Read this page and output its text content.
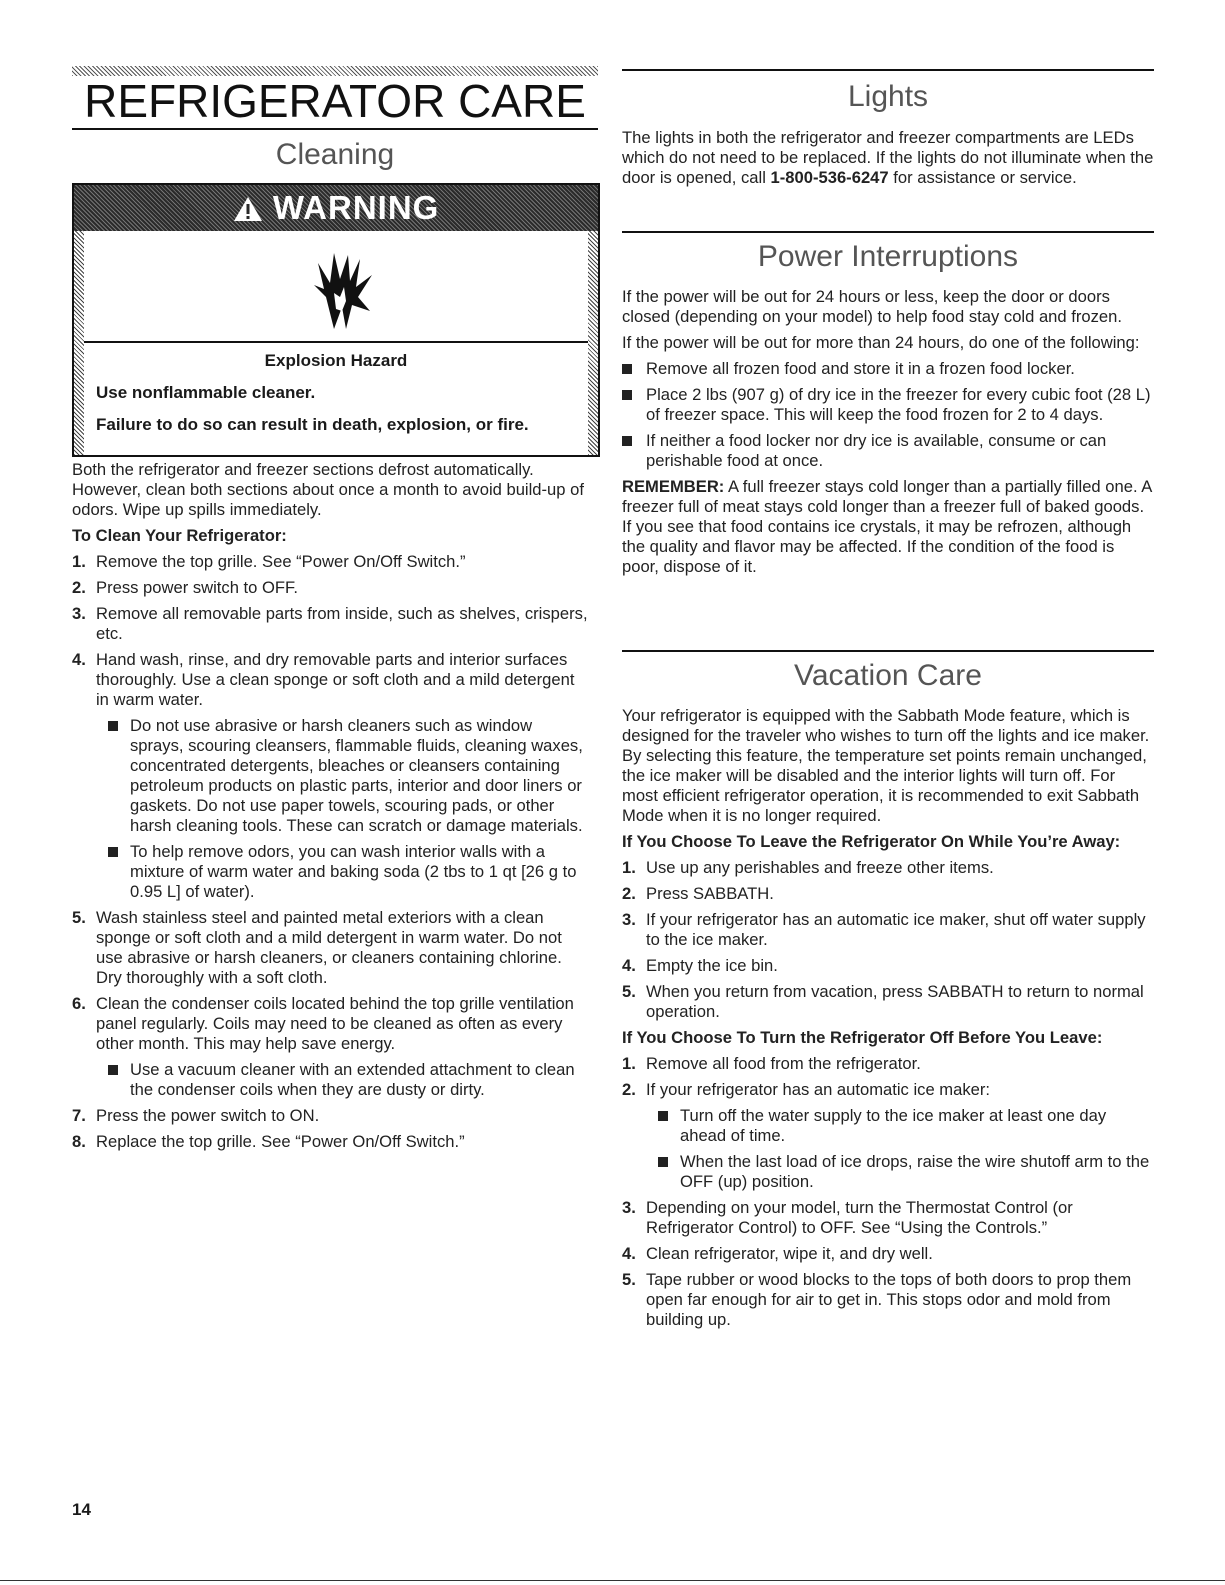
REFRIGERATOR CARE
Cleaning
WARNING

Explosion Hazard

Use nonflammable cleaner.

Failure to do so can result in death, explosion, or fire.

Both the refrigerator and freezer sections defrost automatically. However, clean both sections about once a month to avoid build-up of odors. Wipe up spills immediately.

To Clean Your Refrigerator:

1. Remove the top grille. See “Power On/Off Switch.”
2. Press power switch to OFF.
3. Remove all removable parts from inside, such as shelves, crispers, etc.
4. Hand wash, rinse, and dry removable parts and interior surfaces thoroughly. Use a clean sponge or soft cloth and a mild detergent in warm water.
Do not use abrasive or harsh cleaners such as window sprays, scouring cleansers, flammable fluids, cleaning waxes, concentrated detergents, bleaches or cleansers containing petroleum products on plastic parts, interior and door liners or gaskets. Do not use paper towels, scouring pads, or other harsh cleaning tools. These can scratch or damage materials.
To help remove odors, you can wash interior walls with a mixture of warm water and baking soda (2 tbs to 1 qt [26 g to 0.95 L] of water).
5. Wash stainless steel and painted metal exteriors with a clean sponge or soft cloth and a mild detergent in warm water. Do not use abrasive or harsh cleaners, or cleaners containing chlorine. Dry thoroughly with a soft cloth.
6. Clean the condenser coils located behind the top grille ventilation panel regularly. Coils may need to be cleaned as often as every other month. This may help save energy.
Use a vacuum cleaner with an extended attachment to clean the condenser coils when they are dusty or dirty.
7. Press the power switch to ON.
8. Replace the top grille. See “Power On/Off Switch.”
Lights

The lights in both the refrigerator and freezer compartments are LEDs which do not need to be replaced. If the lights do not illuminate when the door is opened, call 1-800-536-6247 for assistance or service.

Power Interruptions

If the power will be out for 24 hours or less, keep the door or doors closed (depending on your model) to help food stay cold and frozen.

If the power will be out for more than 24 hours, do one of the following:

Remove all frozen food and store it in a frozen food locker.
Place 2 lbs (907 g) of dry ice in the freezer for every cubic foot (28 L) of freezer space. This will keep the food frozen for 2 to 4 days.
If neither a food locker nor dry ice is available, consume or can perishable food at once.

REMEMBER: A full freezer stays cold longer than a partially filled one. A freezer full of meat stays cold longer than a freezer full of baked goods. If you see that food contains ice crystals, it may be refrozen, although the quality and flavor may be affected. If the condition of the food is poor, dispose of it.

Vacation Care

Your refrigerator is equipped with the Sabbath Mode feature, which is designed for the traveler who wishes to turn off the lights and ice maker. By selecting this feature, the temperature set points remain unchanged, the ice maker will be disabled and the interior lights will turn off. For most efficient refrigerator operation, it is recommended to exit Sabbath Mode when it is no longer required.

If You Choose To Leave the Refrigerator On While You’re Away:

1. Use up any perishables and freeze other items.
2. Press SABBATH.
3. If your refrigerator has an automatic ice maker, shut off water supply to the ice maker.
4. Empty the ice bin.
5. When you return from vacation, press SABBATH to return to normal operation.

If You Choose To Turn the Refrigerator Off Before You Leave:

1. Remove all food from the refrigerator.
2. If your refrigerator has an automatic ice maker:
Turn off the water supply to the ice maker at least one day ahead of time.
When the last load of ice drops, raise the wire shutoff arm to the OFF (up) position.
3. Depending on your model, turn the Thermostat Control (or Refrigerator Control) to OFF. See “Using the Controls.”
4. Clean refrigerator, wipe it, and dry well.
5. Tape rubber or wood blocks to the tops of both doors to prop them open far enough for air to get in. This stops odor and mold from building up.
14
